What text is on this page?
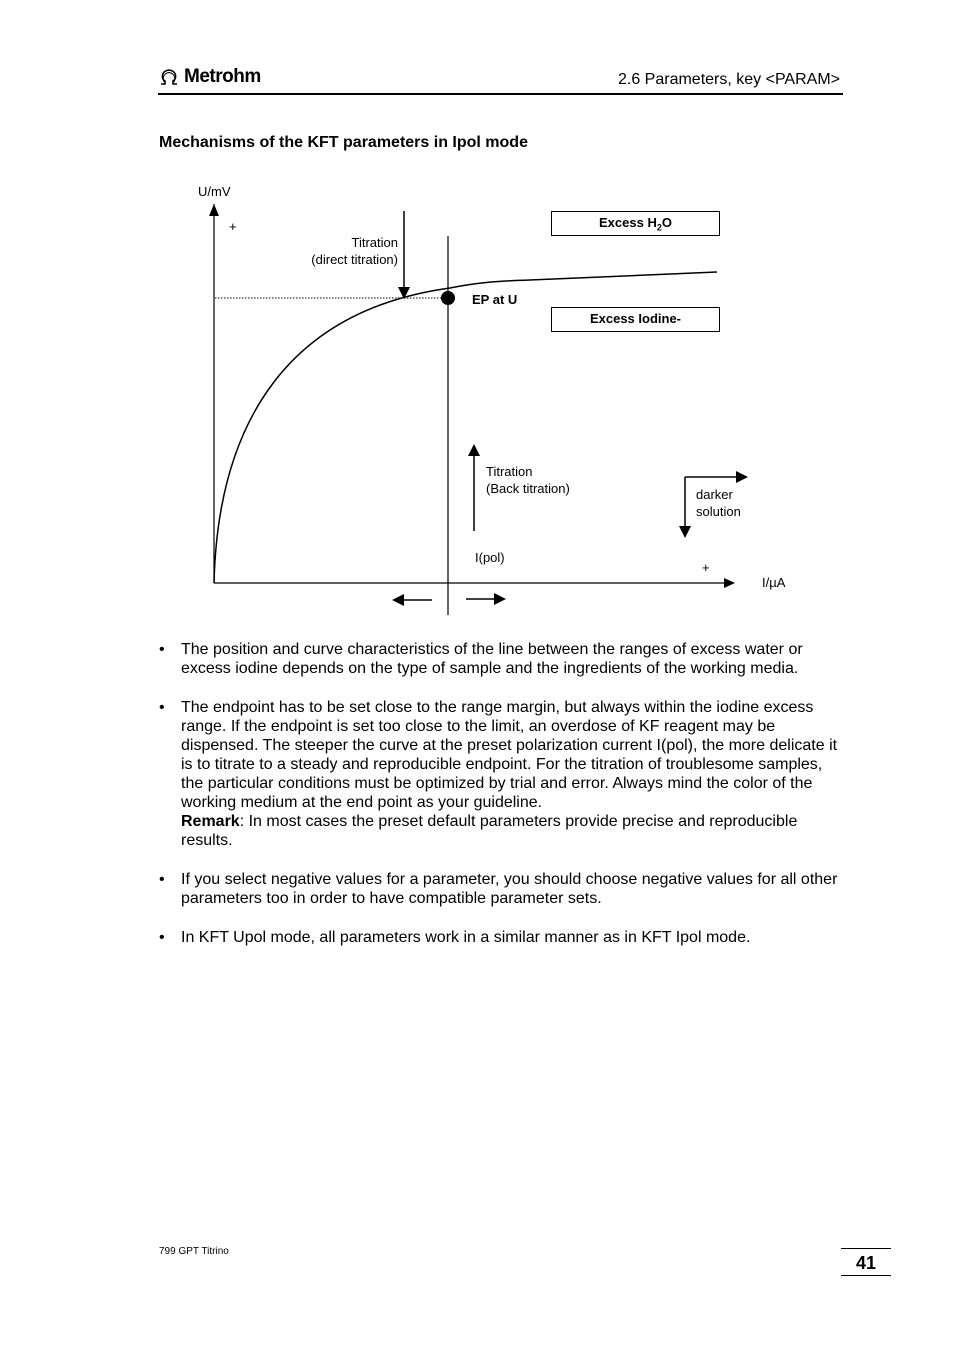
Metrohm	2.6 Parameters, key <PARAM>
Mechanisms of the KFT parameters in Ipol mode
U/mV
+
Titration
(direct titration)
EP at U
Excess $H_2O$
Excess Iodine-
Titration
(Back titration)	darker
solution
I(pol)
+
I/µA
• The position and curve characteristics of the line between the ranges of excess water or excess iodine depends on the type of sample and the ingredients of the working media.
• The endpoint has to be set close to the range margin, but always within the iodine excess range. If the endpoint is set too close to the limit, an overdose of KF reagent may be dispensed. The steeper the curve at the preset polarization current I(pol), the more delicate it is to titrate to a steady and reproducible endpoint. For the titration of troublesome samples, the particular conditions must be optimized by trial and error. Always mind the color of the working medium at the end point as your guideline.
Remark: In most cases the preset default parameters provide precise and reproducible results.
• If you select negative values for a parameter, you should choose negative values for all other parameters too in order to have compatible parameter sets.
• In KFT Upol mode, all parameters work in a similar manner as in KFT Ipol mode.
799 GPT Titrino
41
